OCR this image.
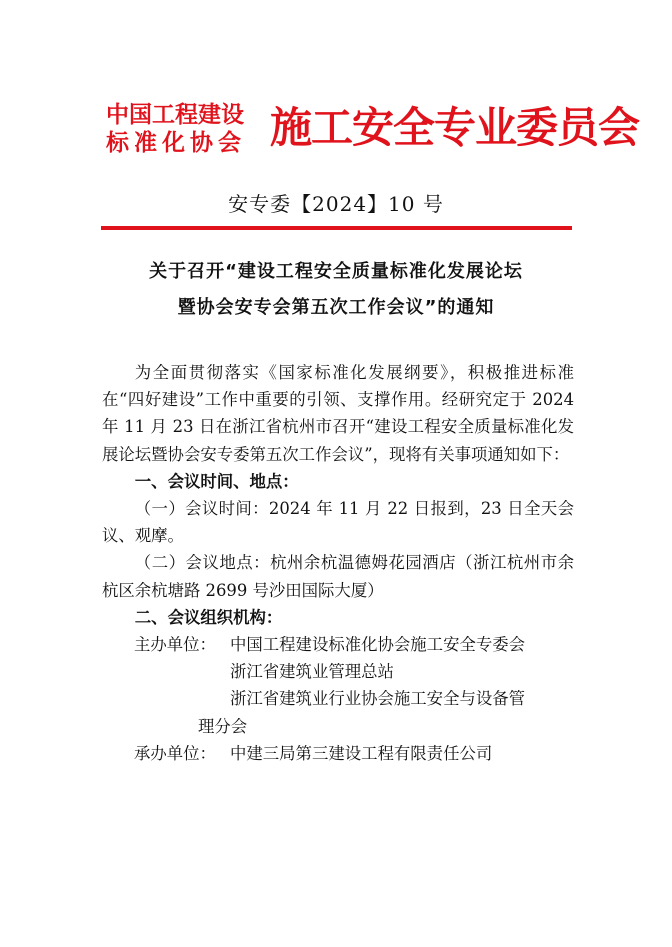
中国工程建设
标准化协会 施工安全专业委员会
安专委【2024】10 号
关于召开“建设工程安全质量标准化发展论坛
暨协会安专会第五次工作会议”的通知

为全面贯彻落实《国家标准化发展纲要》，积极推进标准在“四好建设”工作中重要的引领、支撑作用。经研究定于 2024 年 11 月 23 日在浙江省杭州市召开“建设工程安全质量标准化发展论坛暨协会安专委第五次工作会议”，现将有关事项通知如下：

一、会议时间、地点：

（一）会议时间：2024 年 11 月 22 日报到，23 日全天会议、观摩。

（二）会议地点：杭州余杭温德姆花园酒店（浙江杭州市余杭区余杭塘路 2699 号沙田国际大厦）

二、会议组织机构：

主办单位： 中国工程建设标准化协会施工安全专委会
浙江省建筑业管理总站
浙江省建筑业行业协会施工安全与设备管
理分会
承办单位： 中建三局第三建设工程有限责任公司
